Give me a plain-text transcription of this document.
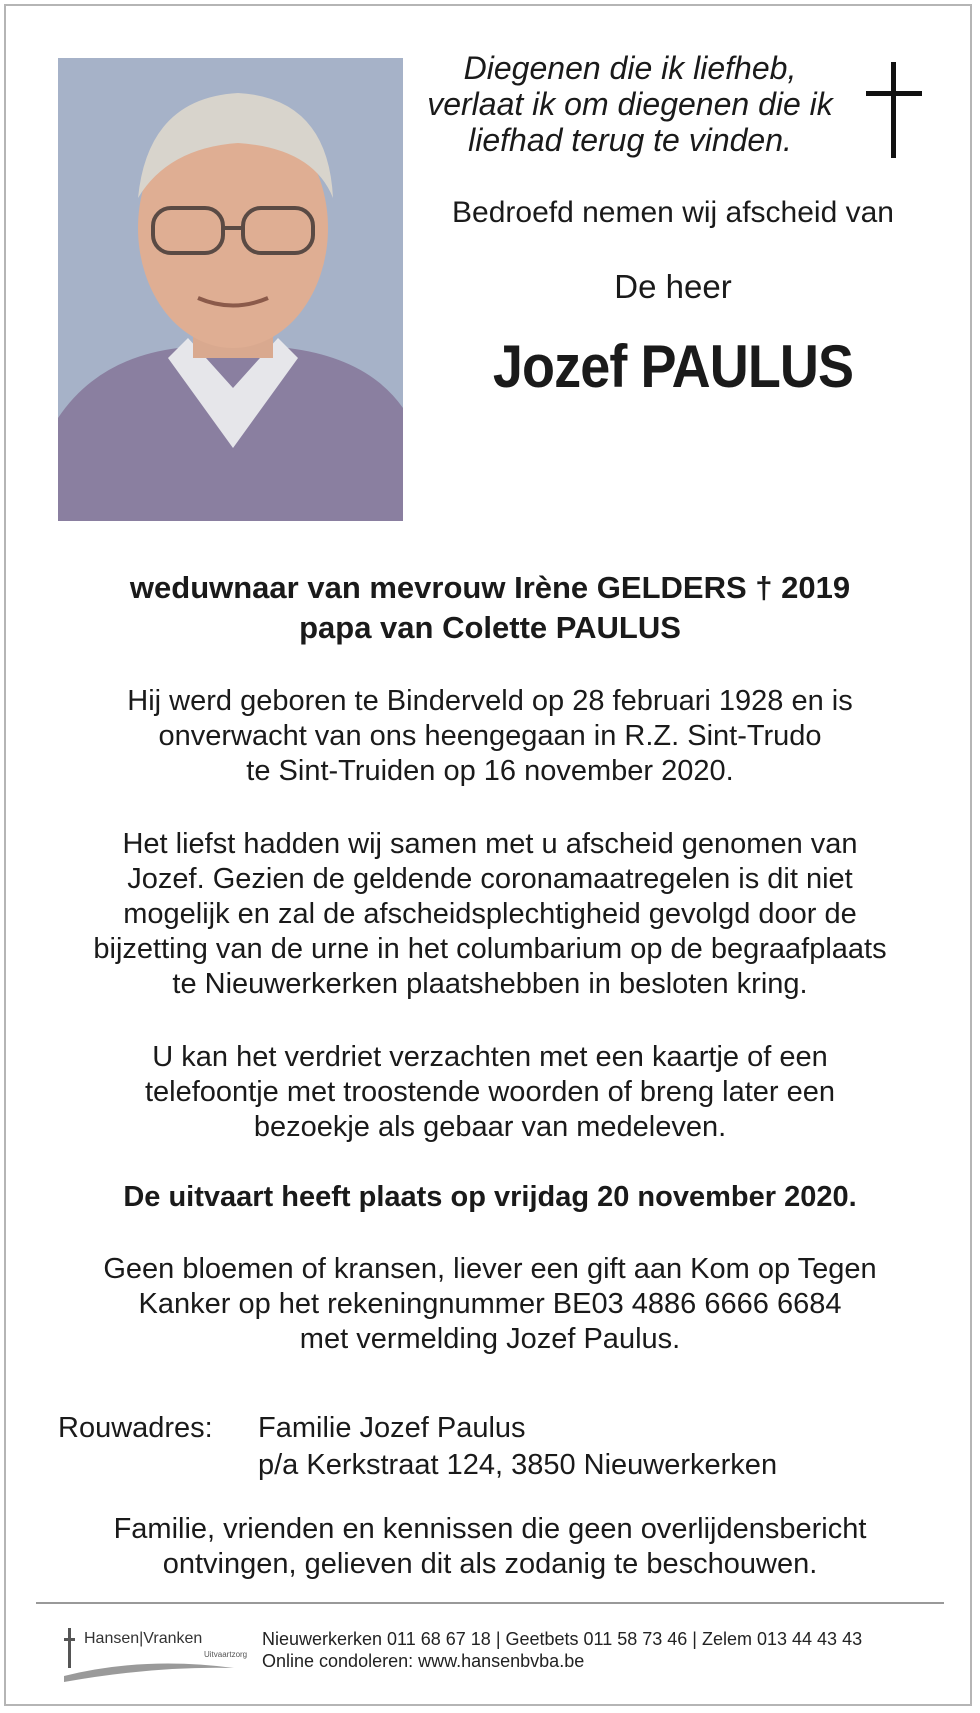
Diegenen die ik liefheb,
verlaat ik om diegenen die ik
liefhad terug te vinden.
Bedroefd nemen wij afscheid van
De heer
Jozef PAULUS
weduwnaar van mevrouw Irène GELDERS † 2019
papa van Colette PAULUS
Hij werd geboren te Binderveld op 28 februari 1928 en is
onverwacht van ons heengegaan in R.Z. Sint-Trudo
te Sint-Truiden op 16 november 2020.
Het liefst hadden wij samen met u afscheid genomen van
Jozef. Gezien de geldende coronamaatregelen is dit niet
mogelijk en zal de afscheidsplechtigheid gevolgd door de
bijzetting van de urne in het columbarium op de begraafplaats
te Nieuwerkerken plaatshebben in besloten kring.
U kan het verdriet verzachten met een kaartje of een
telefoontje met troostende woorden of breng later een
bezoekje als gebaar van medeleven.
De uitvaart heeft plaats op vrijdag 20 november 2020.
Geen bloemen of kransen, liever een gift aan Kom op Tegen
Kanker op het rekeningnummer BE03 4886 6666 6684
met vermelding Jozef Paulus.
Rouwadres: Familie Jozef Paulus
p/a Kerkstraat 124, 3850 Nieuwerkerken
Familie, vrienden en kennissen die geen overlijdensbericht
ontvingen, gelieven dit als zodanig te beschouwen.
Hansen|Vranken
Uitvaartzorg
Nieuwerkerken 011 68 67 18 | Geetbets 011 58 73 46 | Zelem 013 44 43 43
Online condoleren: www.hansenbvba.be
